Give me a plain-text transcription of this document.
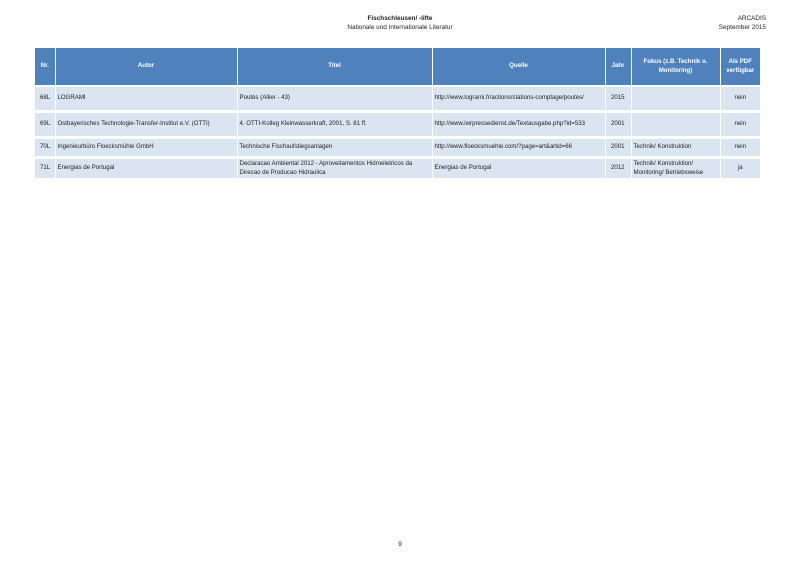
Fischschleusen/ -lifte
Nationale und Internationale Literatur
ARCADIS
September 2015
Nr.	Autor	Titel	Quelle	Jahr	Fokus (z.B. Technik o. Monitoring)	Als PDF verfügbar

68L	LOGRAMI	Poutès (Allier - 43)	http://www.logrami.fr/actions/stations-comptage/poutes/	2015		nein

69L	Ostbayerisches Technologie-Transfer-Institut e.V. (OTTI)	4. OTTI-Kolleg Kleinwasserkraft, 2001, S. 81 ff.	http://www.iwrpressedienst.de/Textausgabe.php?id=533	2001		nein

70L	Ingenieurbüro Floecksmühle GmbH	Technische Fischaufstiegsanlagen	http://www.floecksmuehle.com/?page=art&artid=66	2001	Technik/ Konstruktion	nein

71L	Energias de Portugal	Declaracao Ambiental 2012 - Aproveitamentos Hidroeletricos da Direcao de Producao Hidraulica	Energias de Portugal	2012	Technik/ Konstruktion/ Monitoring/ Betriebsweise	ja
9
